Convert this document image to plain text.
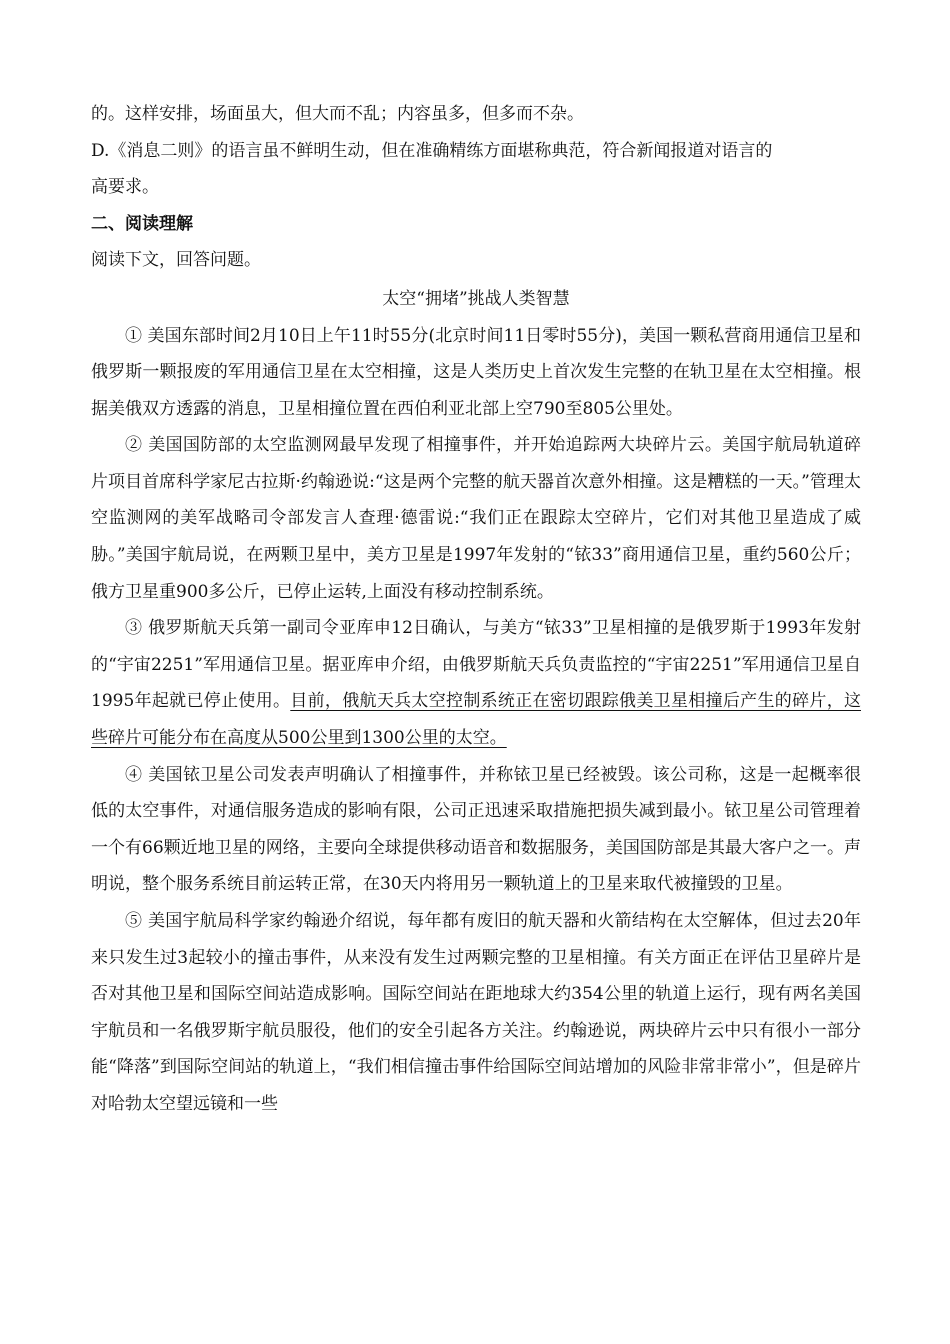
的。这样安排，场面虽大，但大而不乱；内容虽多，但多而不杂。
D.《消息二则》的语言虽不鲜明生动，但在准确精练方面堪称典范，符合新闻报道对语言的
高要求。
二、阅读理解
阅读下文，回答问题。
太空“拥堵”挑战人类智慧

① 美国东部时间2月10日上午11时55分(北京时间11日零时55分)，美国一颗私营商用通信卫星和俄罗斯一颗报废的军用通信卫星在太空相撞，这是人类历史上首次发生完整的在轨卫星在太空相撞。根据美俄双方透露的消息，卫星相撞位置在西伯利亚北部上空790至805公里处。

② 美国国防部的太空监测网最早发现了相撞事件，并开始追踪两大块碎片云。美国宇航局轨道碎片项目首席科学家尼古拉斯·约翰逊说:“这是两个完整的航天器首次意外相撞。这是糟糕的一天。”管理太空监测网的美军战略司令部发言人查理·德雷说:“我们正在跟踪太空碎片，它们对其他卫星造成了威胁。”美国宇航局说，在两颗卫星中，美方卫星是1997年发射的“铱33”商用通信卫星，重约560公斤；俄方卫星重900多公斤，已停止运转,上面没有移动控制系统。

③ 俄罗斯航天兵第一副司令亚库申12日确认，与美方“铱33”卫星相撞的是俄罗斯于1993年发射的“宇宙2251”军用通信卫星。据亚库申介绍，由俄罗斯航天兵负责监控的“宇宙2251”军用通信卫星自1995年起就已停止使用。目前，俄航天兵太空控制系统正在密切跟踪俄美卫星相撞后产生的碎片，这些碎片可能分布在高度从500公里到1300公里的太空。

④ 美国铱卫星公司发表声明确认了相撞事件，并称铱卫星已经被毁。该公司称，这是一起概率很低的太空事件，对通信服务造成的影响有限，公司正迅速采取措施把损失减到最小。铱卫星公司管理着一个有66颗近地卫星的网络，主要向全球提供移动语音和数据服务，美国国防部是其最大客户之一。声明说，整个服务系统目前运转正常，在30天内将用另一颗轨道上的卫星来取代被撞毁的卫星。

⑤ 美国宇航局科学家约翰逊介绍说，每年都有废旧的航天器和火箭结构在太空解体，但过去20年来只发生过3起较小的撞击事件，从来没有发生过两颗完整的卫星相撞。有关方面正在评估卫星碎片是否对其他卫星和国际空间站造成影响。国际空间站在距地球大约354公里的轨道上运行，现有两名美国宇航员和一名俄罗斯宇航员服役，他们的安全引起各方关注。约翰逊说，两块碎片云中只有很小一部分能“降落”到国际空间站的轨道上，“我们相信撞击事件给国际空间站增加的风险非常非常小”，但是碎片对哈勃太空望远镜和一些
